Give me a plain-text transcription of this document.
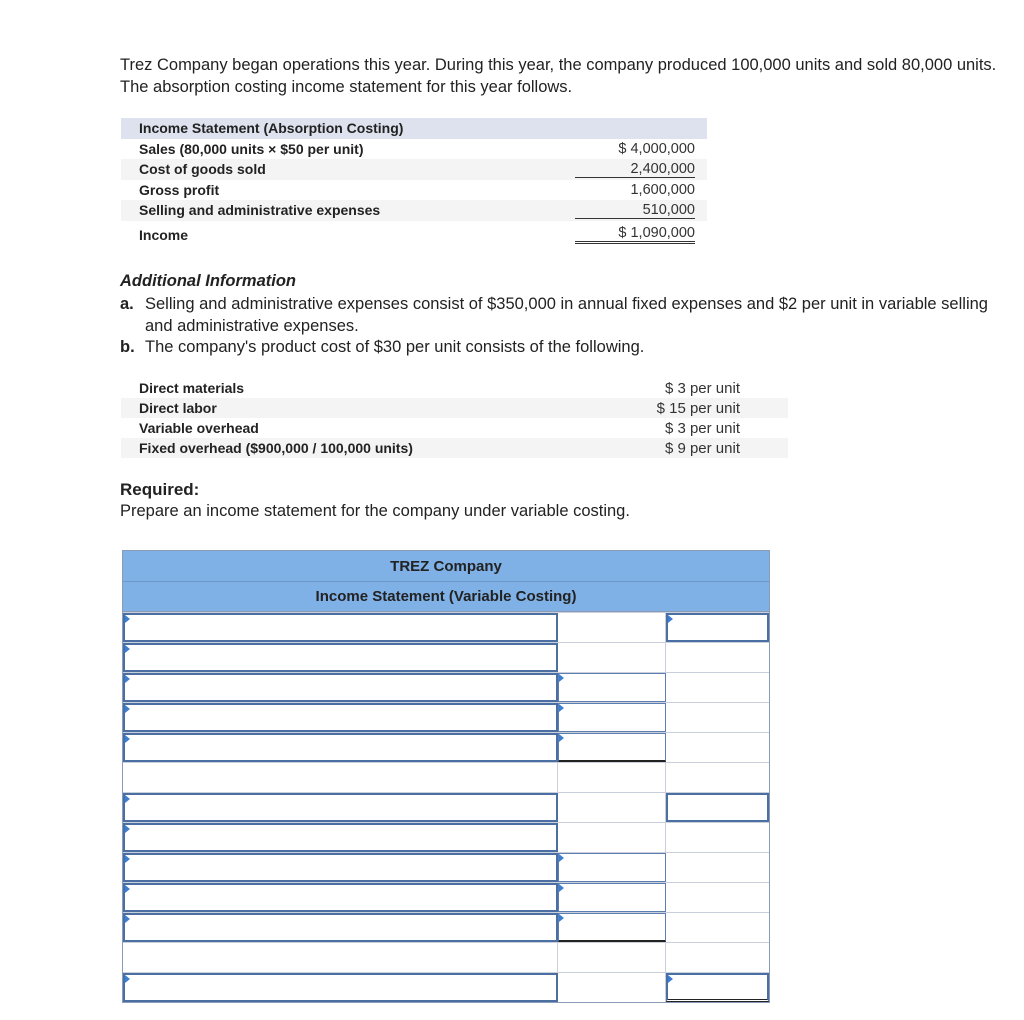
Trez Company began operations this year. During this year, the company produced 100,000 units and sold 80,000 units. The absorption costing income statement for this year follows.

Income Statement (Absorption Costing)	
Sales (80,000 units × $50 per unit)	$ 4,000,000
Cost of goods sold	2,400,000
Gross profit	1,600,000
Selling and administrative expenses	510,000
Income	$ 1,090,000

Additional Information

a. Selling and administrative expenses consist of $350,000 in annual fixed expenses and $2 per unit in variable selling and administrative expenses.
b. The company's product cost of $30 per unit consists of the following.
Direct materials	$ 3 per unit
Direct labor	$ 15 per unit
Variable overhead	$ 3 per unit
Fixed overhead ($900,000 / 100,000 units)	$ 9 per unit

Required:

Prepare an income statement for the company under variable costing.

TREZ Company
Income Statement (Variable Costing)
